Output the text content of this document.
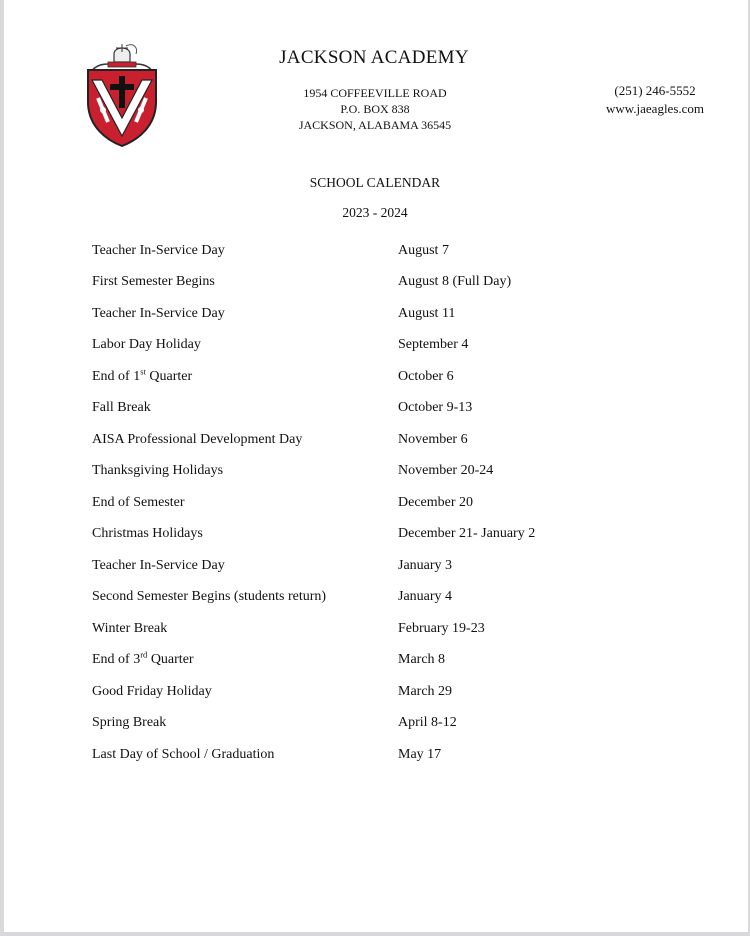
JACKSON ACADEMY
1954 COFFEEVILLE ROAD
P.O. BOX 838
JACKSON, ALABAMA 36545
(251) 246-5552
www.jaeagles.com
SCHOOL CALENDAR
2023 - 2024
Teacher In-Service Day	August 7
First Semester Begins	August 8 (Full Day)
Teacher In-Service Day	August 11
Labor Day Holiday	September 4
End of 1st Quarter	October 6
Fall Break	October 9-13
AISA Professional Development Day	November 6
Thanksgiving Holidays	November 20-24
End of Semester	December 20
Christmas Holidays	December 21- January 2
Teacher In-Service Day	January 3
Second Semester Begins (students return)	January 4
Winter Break	February 19-23
End of 3rd Quarter	March 8
Good Friday Holiday	March 29
Spring Break	April 8-12
Last Day of School / Graduation	May 17
